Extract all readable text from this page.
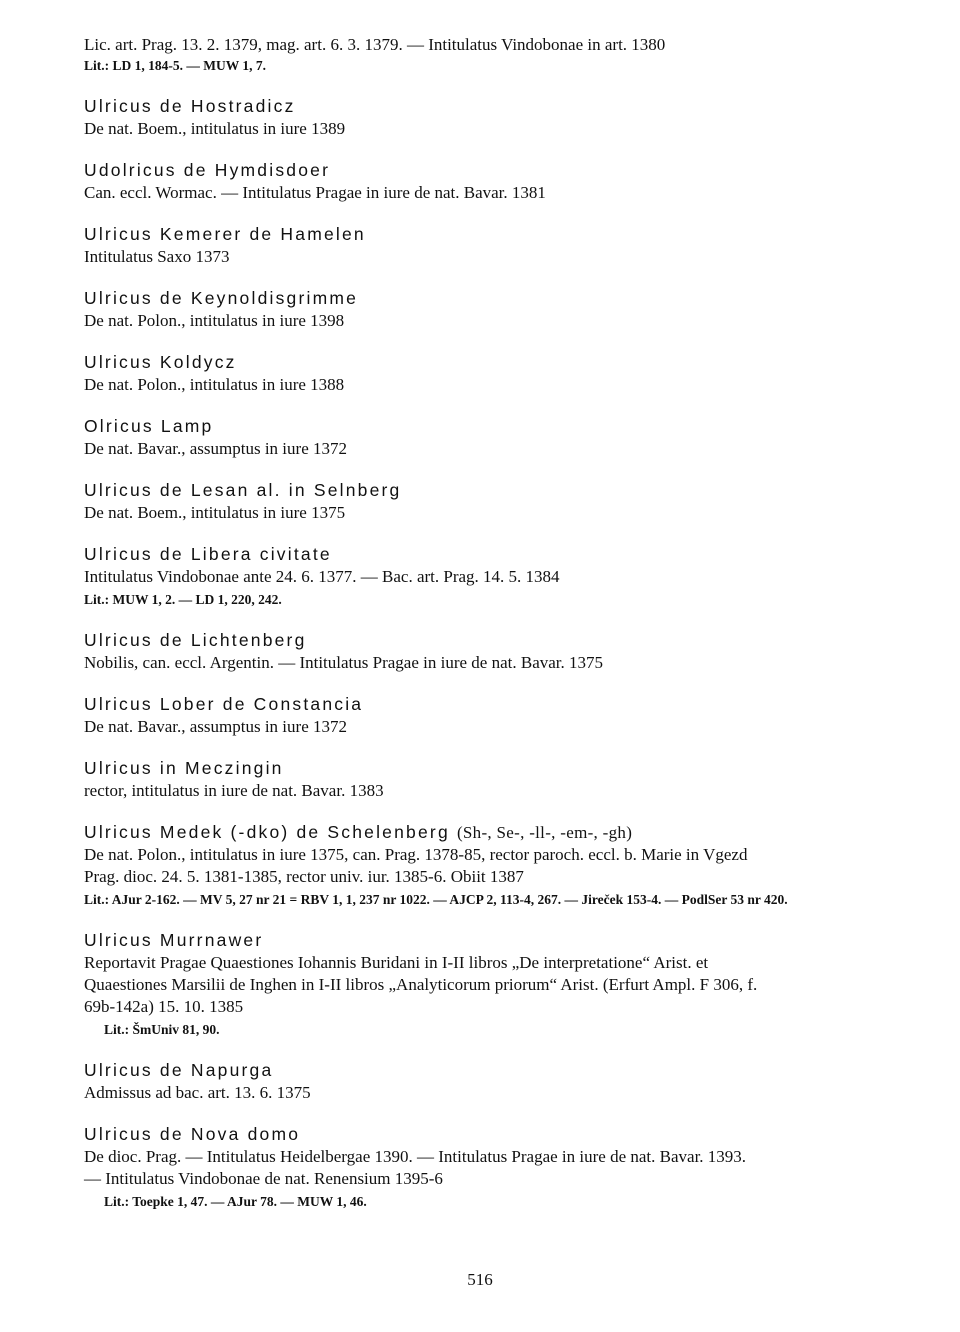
Lic. art. Prag. 13. 2. 1379, mag. art. 6. 3. 1379. — Intitulatus Vindobonae in art. 1380
Lit.: LD 1, 184-5. — MUW 1, 7.
Ulricus de Hostradicz
De nat. Boem., intitulatus in iure 1389
Udolricus de Hymdisdoer
Can. eccl. Wormac. — Intitulatus Pragae in iure de nat. Bavar. 1381
Ulricus Kemerer de Hamelen
Intitulatus Saxo 1373
Ulricus de Keynoldisgrimme
De nat. Polon., intitulatus in iure 1398
Ulricus Koldycz
De nat. Polon., intitulatus in iure 1388
Olricus Lamp
De nat. Bavar., assumptus in iure 1372
Ulricus de Lesan al. in Selnberg
De nat. Boem., intitulatus in iure 1375
Ulricus de Libera civitate
Intitulatus Vindobonae ante 24. 6. 1377. — Bac. art. Prag. 14. 5. 1384
Lit.: MUW 1, 2. — LD 1, 220, 242.
Ulricus de Lichtenberg
Nobilis, can. eccl. Argentin. — Intitulatus Pragae in iure de nat. Bavar. 1375
Ulricus Lober de Constancia
De nat. Bavar., assumptus in iure 1372
Ulricus in Meczingin
rector, intitulatus in iure de nat. Bavar. 1383
Ulricus Medek (-dko) de Schelenberg (Sh-, Se-, -ll-, -em-, -gh)
De nat. Polon., intitulatus in iure 1375, can. Prag. 1378-85, rector paroch. eccl. b. Marie in Vgezd
Prag. dioc. 24. 5. 1381-1385, rector univ. iur. 1385-6. Obiit 1387
Lit.: AJur 2-162. — MV 5, 27 nr 21 = RBV 1, 1, 237 nr 1022. — AJCP 2, 113-4, 267. — Jireček 153-4. — PodlSer 53 nr 420.
Ulricus Murrnawer
Reportavit Pragae Quaestiones Iohannis Buridani in I-II libros „De interpretatione“ Arist. et
Quaestiones Marsilii de Inghen in I-II libros „Analyticorum priorum“ Arist. (Erfurt Ampl. F 306, f.
69b-142a) 15. 10. 1385
Lit.: ŠmUniv 81, 90.
Ulricus de Napurga
Admissus ad bac. art. 13. 6. 1375
Ulricus de Nova domo
De dioc. Prag. — Intitulatus Heidelbergae 1390. — Intitulatus Pragae in iure de nat. Bavar. 1393.
— Intitulatus Vindobonae de nat. Renensium 1395-6
Lit.: Toepke 1, 47. — AJur 78. — MUW 1, 46.
516
